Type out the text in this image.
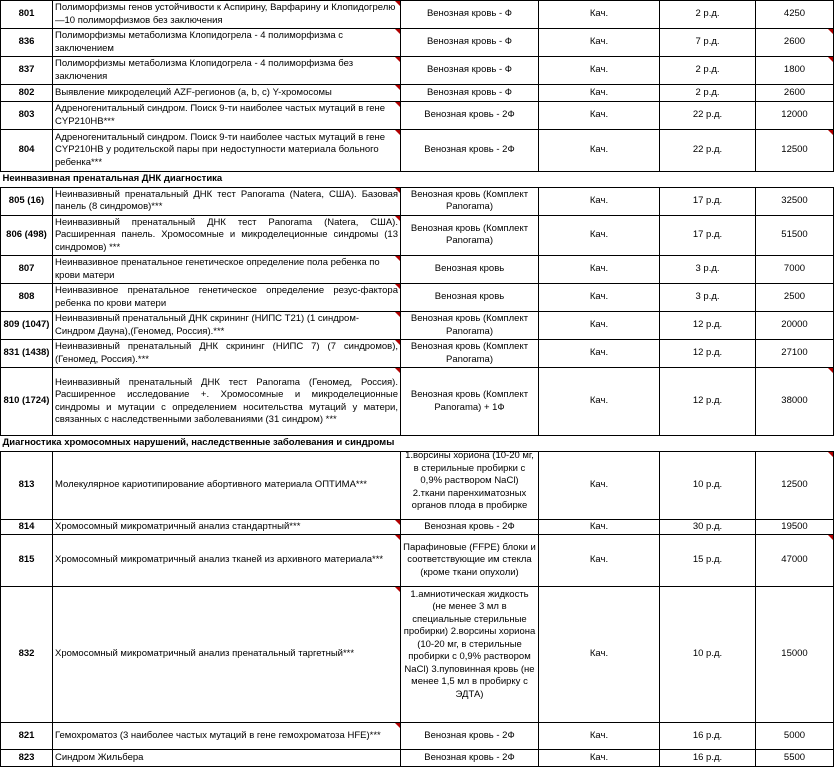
801	Полиморфизмы генов устойчивости к Аспирину, Варфарину и Клопидогрелю —10 полиморфизмов без заключения	Венозная кровь - Ф	Кач.	2 р.д.	4250
836	Полиморфизмы метаболизма Клопидогрела - 4 полиморфизма с заключением	Венозная кровь - Ф	Кач.	7 р.д.	2600
837	Полиморфизмы метаболизма Клопидогрела - 4 полиморфизма без заключения	Венозная кровь - Ф	Кач.	2 р.д.	1800
802	Выявление микроделеций AZF-регионов (a, b, c) Y-хромосомы	Венозная кровь - Ф	Кач.	2 р.д.	2600
803	Адреногенитальный синдром. Поиск 9-ти наиболее частых мутаций в гене CYP210HB***	Венозная кровь - 2Ф	Кач.	22 р.д.	12000
804	Адреногенитальный синдром. Поиск 9-ти наиболее частых мутаций в гене CYP210HB у родительской пары при недоступности материала больного ребенка***	Венозная кровь - 2Ф	Кач.	22 р.д.	12500
Неинвазивная пренатальная ДНК диагностика					
805 (16)	Неинвазивный пренатальный ДНК тест Panorama (Natera, США). Базовая панель (8 синдромов)***	Венозная кровь (Комплект Panorama)	Кач.	17 р.д.	32500
806 (498)	Неинвазивный пренатальный ДНК тест Panorama (Natera, США). Расширенная панель. Хромосомные и микроделеционные синдромы (13 синдромов) ***	Венозная кровь (Комплект Panorama)	Кач.	17 р.д.	51500
807	Неинвазивное пренатальное генетическое определение пола ребенка по крови матери	Венозная кровь	Кач.	3 р.д.	7000
808	Неинвазивное пренатальное генетическое определение резус-фактора ребенка по крови матери	Венозная кровь	Кач.	3 р.д.	2500
809 (1047)	Неинвазивный пренатальный ДНК скрининг (НИПС Т21) (1 синдром-Синдром Дауна),(Геномед, Россия).***	Венозная кровь (Комплект Panorama)	Кач.	12 р.д.	20000
831 (1438)	Неинвазивный пренатальный ДНК скрининг (НИПС 7) (7 синдромов),(Геномед, Россия).***	Венозная кровь (Комплект Panorama)	Кач.	12 р.д.	27100
810 (1724)	Неинвазивный пренатальный ДНК тест Panorama (Геномед, Россия). Расширенное исследование +. Хромосомные и микроделеционные синдромы и мутации с определением носительства мутаций у матери, связанных с наследственными заболеваниями (31 синдром) ***	Венозная кровь (Комплект Panorama) + 1Ф	Кач.	12 р.д.	38000
Диагностика хромосомных нарушений, наследственные заболевания и синдромы					
813	Молекулярное кариотипирование абортивного материала ОПТИМА***	1.ворсины хориона (10-20 мг, в стерильные пробирки с 0,9% раствором NaCl) 2.ткани паренхиматозных органов плода в пробирке	Кач.	10 р.д.	12500
814	Хромосомный микроматричный анализ стандартный***	Венозная кровь - 2Ф	Кач.	30 р.д.	19500
815	Хромосомный микроматричный анализ тканей из архивного материала***	Парафиновые (FFPE) блоки и соответствующие им стекла (кроме ткани опухоли)	Кач.	15 р.д.	47000
832	Хромосомный микроматричный анализ пренатальный таргетный***	1.амниотическая жидкость (не менее 3 мл в специальные стерильные пробирки) 2.ворсины хориона (10-20 мг, в стерильные пробирки с 0,9% раствором NaCl) 3.пуповинная кровь (не менее 1,5 мл в пробирку с ЭДТА)	Кач.	10 р.д.	15000
821	Гемохроматоз (3 наиболее частых мутаций в гене гемохроматоза HFE)***	Венозная кровь - 2Ф	Кач.	16 р.д.	5000
823	Синдром Жильбера	Венозная кровь - 2Ф	Кач.	16 р.д.	5500
